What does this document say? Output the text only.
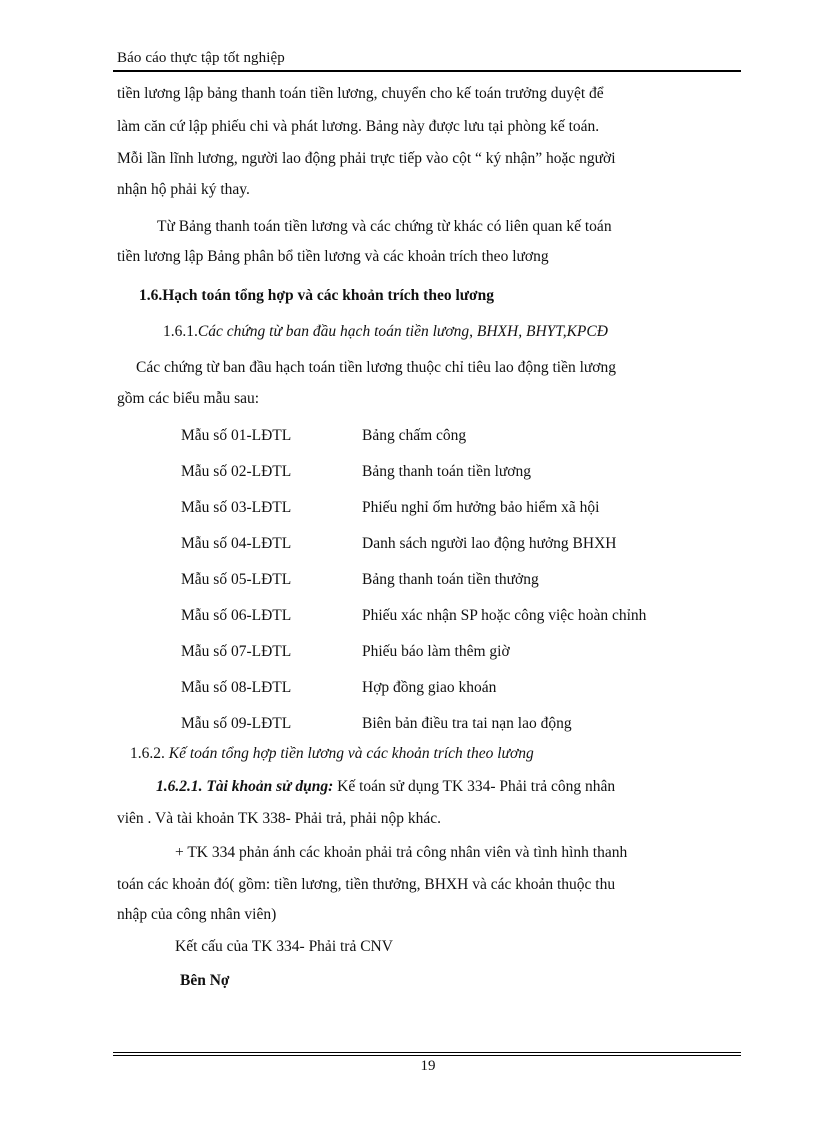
Báo cáo thực tập tốt nghiệp
tiền lương lập bảng thanh toán tiền lương, chuyển cho kế toán trưởng duyệt để
làm căn cứ lập phiếu chi và phát lương. Bảng này được lưu tại phòng kế toán.
Mỗi lần lĩnh lương, người lao động phải trực tiếp vào cột “ ký nhận” hoặc người
nhận hộ phải ký thay.
Từ Bảng thanh toán tiền lương và các chứng từ khác có liên quan kế toán
tiền lương lập Bảng phân bổ tiền lương và các khoản trích theo lương
1.6.Hạch toán tổng hợp và các khoản trích theo lương
1.6.1.Các chứng từ ban đầu hạch toán tiền lương, BHXH, BHYT,KPCĐ
Các chứng từ ban đầu hạch toán tiền lương thuộc chỉ tiêu lao động tiền lương
gồm các biểu mẫu sau:
Mẫu số 01-LĐTL	Bảng chấm công
Mẫu số 02-LĐTL	Bảng thanh toán tiền lương
Mẫu số 03-LĐTL	Phiếu nghỉ ốm hưởng bảo hiểm xã hội
Mẫu số 04-LĐTL	Danh sách người lao động hưởng BHXH
Mẫu số 05-LĐTL	Bảng thanh toán tiền thưởng
Mẫu số 06-LĐTL	Phiếu xác nhận SP hoặc công việc hoàn chỉnh
Mẫu số 07-LĐTL	Phiếu báo làm thêm giờ
Mẫu số 08-LĐTL	Hợp đồng giao khoán
Mẫu số 09-LĐTL	Biên bản điều tra tai nạn lao động
1.6.2. Kế toán tổng hợp tiền lương và các khoản trích theo lương
1.6.2.1. Tài khoản sử dụng: Kế toán sử dụng TK 334- Phải trả công nhân
viên . Và tài khoản TK 338- Phải trả, phải nộp khác.
+ TK 334 phản ánh các khoản phải trả công nhân viên và tình hình thanh
toán các khoản đó( gồm: tiền lương, tiền thưởng, BHXH và các khoản thuộc thu
nhập của công nhân viên)
Kết cấu của TK 334- Phải trả CNV
Bên Nợ
19
